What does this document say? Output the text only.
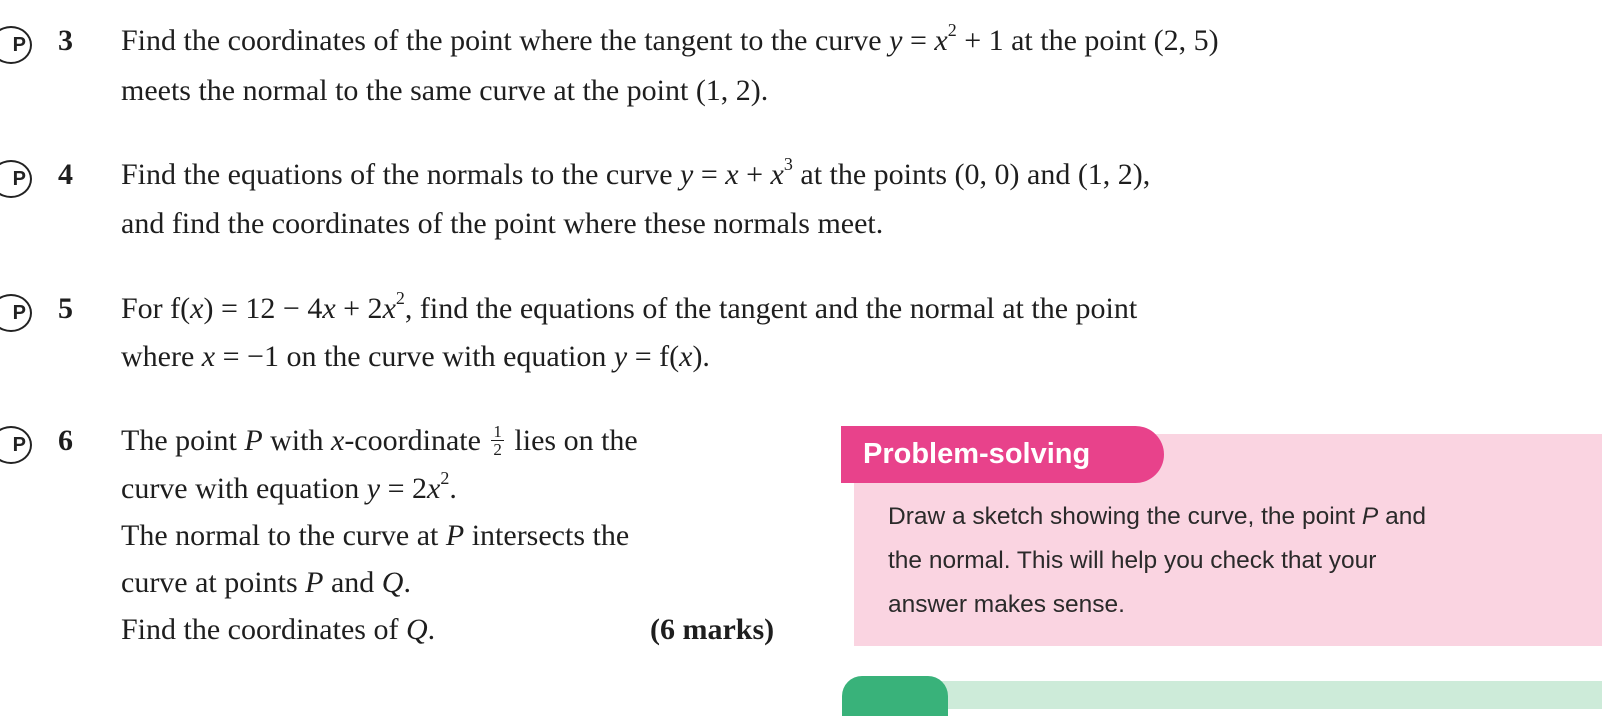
P 3 Find the coordinates of the point where the tangent to the curve $y = x^2 + 1$ at the point (2, 5)
meets the normal to the same curve at the point (1, 2).
P 4 Find the equations of the normals to the curve $y = x + x^3$ at the points (0, 0) and (1, 2),
and find the coordinates of the point where these normals meet.
P 5 For $f(x) = 12 - 4x + 2x^2$, find the equations of the tangent and the normal at the point
where x = −1 on the curve with equation y = f(x).
P 6 The point P with x-coordinate $\frac{1}{2}$ lies on the
curve with equation $y = 2x^2$.
The normal to the curve at P intersects the
curve at points P and Q.
Find the coordinates of Q.	(6 marks)
Problem-solving
Draw a sketch showing the curve, the point P and
the normal. This will help you check that your
answer makes sense.
